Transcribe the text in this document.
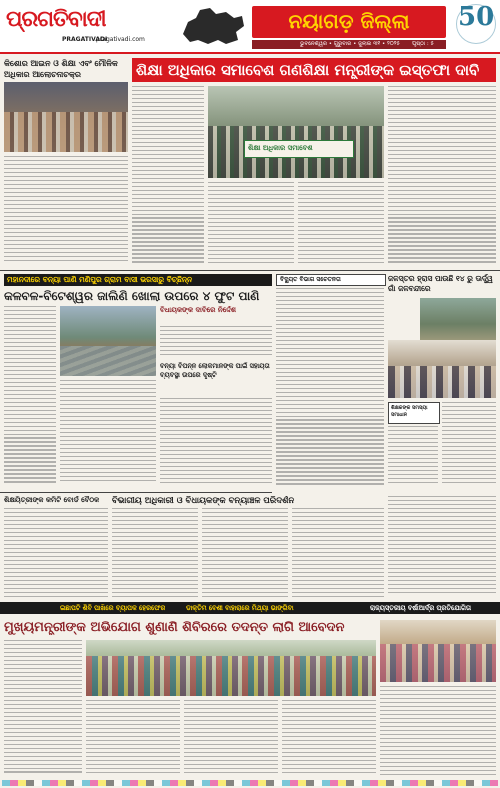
ପ୍ରଗତିବାଦୀ
PRAGATIVADI
pragativadi.com
ନୟାଗଡ଼ ଜିଲ୍ଲା
ଭୁବନେଶ୍ୱର • ଗୁରୁବାର • ଜୁଲାଇ ୩୧ • ୨୦୨୫ ପୃଷ୍ଠା : ୫
50
କିଶୋର ଆଇନ ଓ ଶିକ୍ଷା ଏବଂ ମୌଳିକ ଅଧିକାର ଆଲୋଚନାଚକ୍ର	ଶିକ୍ଷା ଅଧିକାର ସମାବେଶ ଗଣଶିକ୍ଷା ମନ୍ତ୍ରୀଙ୍କ ଇସ୍ତଫା ଦାବି
ଶିକ୍ଷା ଅଧିକାର ସମାବେଶ
ମହାନଦୀରେ ବନ୍ୟା ପାଣି ମଣିପୁର ଗ୍ରାମ ବାସୀ ଭରସାରୁ ବିଚ୍ଛିନ୍ନ
କଳବଳ-ବିଟେଶ୍ୱର ଜାଲିଣି ଖୋଲା ଉପରେ ୪ ଫୁଟ ପାଣି
ବିଧାୟକଙ୍କ ଦାବିରେ ନିର୍ଦ୍ଦେଶ
ବନ୍ୟା ବିପନ୍ନ ଲୋକମାନଙ୍କ ପାଇଁ ସହାୟତା ବ୍ୟବସ୍ଥା ଉପରେ ଦୃଷ୍ଟି
ବିଦ୍ୟୁତ ବିଭାଗ ସଚେତନତା	ଜଳସ୍ତର ହ୍ରାସ ପାଉଛି ୧୪ ରୁ ଊର୍ଦ୍ଧ୍ୱ ଗାଁ ଜଳବନ୍ଦୀରେ
ଶିକ୍ଷକଙ୍କ ସମସ୍ୟା ସମାଧାନ
ଶିକ୍ଷୟିତ୍ରୀଙ୍କ କମିଟି ବୋର୍ଡ ବୈଠକ	ବିଭାଗୀୟ ଅଧିକାରୀ ଓ ବିଧାୟକଙ୍କ ବନ୍ୟାଞ୍ଚଳ ପରିଦର୍ଶନ
ଇଛାପଟି ଶିବି ପାଖିରେ ବ୍ୟାପକ ହେରଫେର	ଡାକ୍ତିମ ବେଶୀ ବାହାରାରେ ମିଥ୍ୟା ଭାଙ୍ଗିବା	ରାଜ୍ୟସ୍ତରୀୟ ବର୍ଷାଆର୍ଦ୍ର ପ୍ରତିଯୋଗିତା
ମୁଖ୍ୟମନ୍ତ୍ରୀଙ୍କ ଅଭିଯୋଗ ଶୁଣାଣି ଶିବିରରେ ତଦନ୍ତ ଲାଗି ଆବେଦନ
